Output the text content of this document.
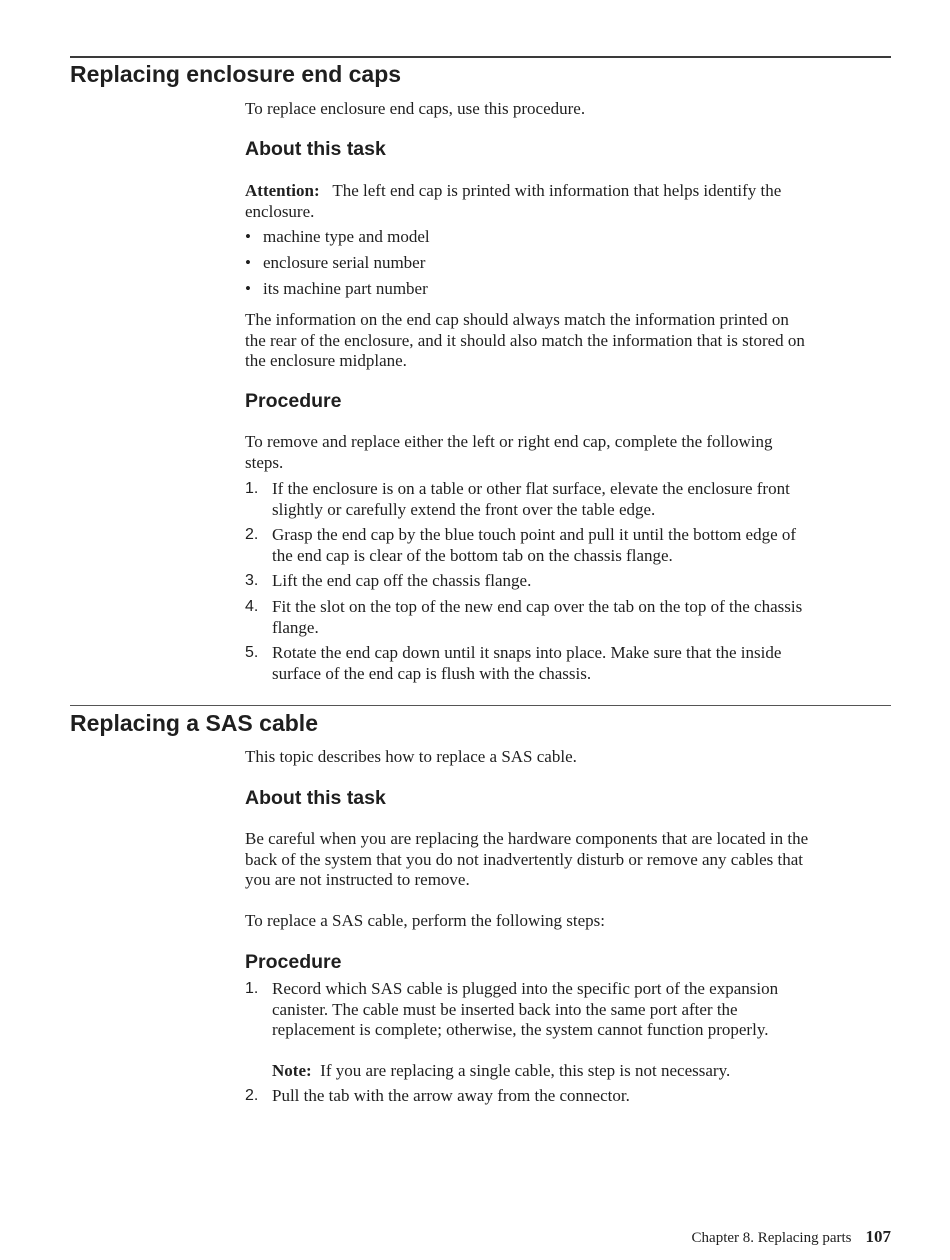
Replacing enclosure end caps

To replace enclosure end caps, use this procedure.

About this task
Attention: The left end cap is printed with information that helps identify the
enclosure.
• machine type and model
• enclosure serial number
• its machine part number
The information on the end cap should always match the information printed on
the rear of the enclosure, and it should also match the information that is stored on
the enclosure midplane.
Procedure
To remove and replace either the left or right end cap, complete the following
steps.
1. If the enclosure is on a table or other flat surface, elevate the enclosure front
slightly or carefully extend the front over the table edge.
2. Grasp the end cap by the blue touch point and pull it until the bottom edge of
the end cap is clear of the bottom tab on the chassis flange.
3. Lift the end cap off the chassis flange.
4. Fit the slot on the top of the new end cap over the tab on the top of the chassis
flange.
5. Rotate the end cap down until it snaps into place. Make sure that the inside
surface of the end cap is flush with the chassis.
Replacing a SAS cable

This topic describes how to replace a SAS cable.

About this task
Be careful when you are replacing the hardware components that are located in the
back of the system that you do not inadvertently disturb or remove any cables that
you are not instructed to remove.

To replace a SAS cable, perform the following steps:

Procedure
1. Record which SAS cable is plugged into the specific port of the expansion
canister. The cable must be inserted back into the same port after the
replacement is complete; otherwise, the system cannot function properly.
Note: If you are replacing a single cable, this step is not necessary.
2. Pull the tab with the arrow away from the connector.
Chapter 8. Replacing parts 107
